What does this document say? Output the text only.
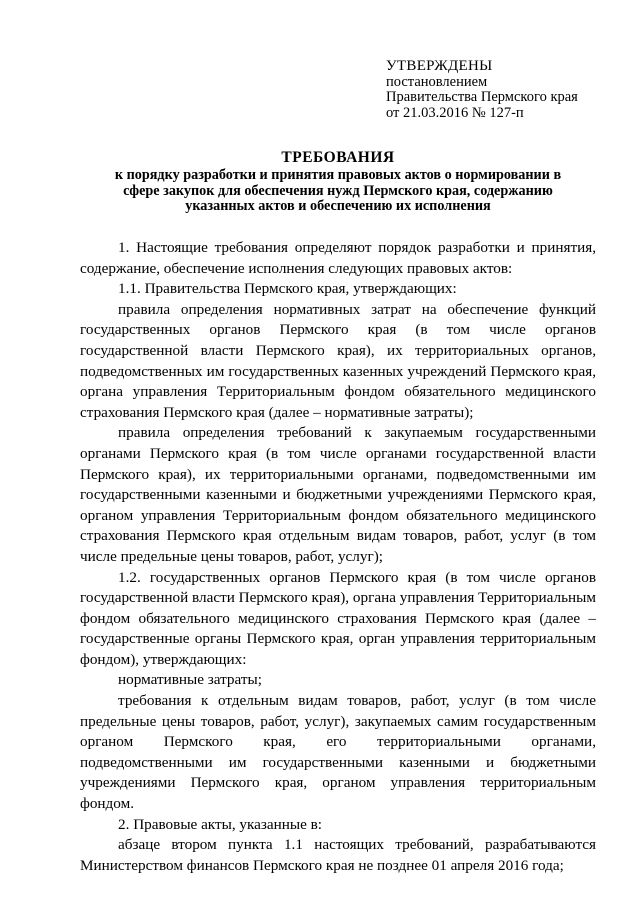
УТВЕРЖДЕНЫ
постановлением
Правительства Пермского края
от 21.03.2016 № 127-п
ТРЕБОВАНИЯ
к порядку разработки и принятия правовых актов о нормировании в сфере закупок для обеспечения нужд Пермского края, содержанию указанных актов и обеспечению их исполнения

1. Настоящие требования определяют порядок разработки и принятия, содержание, обеспечение исполнения следующих правовых актов:

1.1. Правительства Пермского края, утверждающих:

правила определения нормативных затрат на обеспечение функций государственных органов Пермского края (в том числе органов государственной власти Пермского края), их территориальных органов, подведомственных им государственных казенных учреждений Пермского края, органа управления Территориальным фондом обязательного медицинского страхования Пермского края (далее – нормативные затраты);

правила определения требований к закупаемым государственными органами Пермского края (в том числе органами государственной власти Пермского края), их территориальными органами, подведомственными им государственными казенными и бюджетными учреждениями Пермского края, органом управления Территориальным фондом обязательного медицинского страхования Пермского края отдельным видам товаров, работ, услуг (в том числе предельные цены товаров, работ, услуг);

1.2. государственных органов Пермского края (в том числе органов государственной власти Пермского края), органа управления Территориальным фондом обязательного медицинского страхования Пермского края (далее – государственные органы Пермского края, орган управления территориальным фондом), утверждающих:

нормативные затраты;

требования к отдельным видам товаров, работ, услуг (в том числе предельные цены товаров, работ, услуг), закупаемых самим государственным органом Пермского края, его территориальными органами, подведомственными им государственными казенными и бюджетными учреждениями Пермского края, органом управления территориальным фондом.

2. Правовые акты, указанные в:

абзаце втором пункта 1.1 настоящих требований, разрабатываются Министерством финансов Пермского края не позднее 01 апреля 2016 года;
